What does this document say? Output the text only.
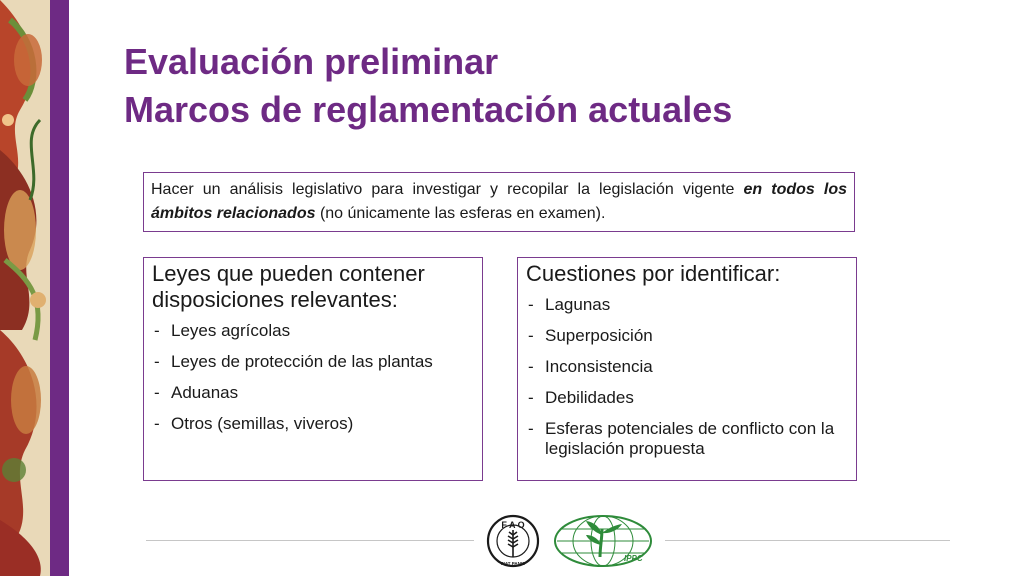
Evaluación preliminar
Marcos de reglamentación actuales
Hacer un análisis legislativo para investigar y recopilar la legislación vigente en todos los ámbitos relacionados (no únicamente las esferas en examen).
Leyes que pueden contener disposiciones relevantes:
- Leyes agrícolas
- Leyes de protección de las plantas
- Aduanas
- Otros (semillas, viveros)
Cuestiones por identificar:
- Lagunas
- Superposición
- Inconsistencia
- Debilidades
- Esferas potenciales de conflicto con la legislación propuesta
F A O
FIAT PANIS
IPPC
